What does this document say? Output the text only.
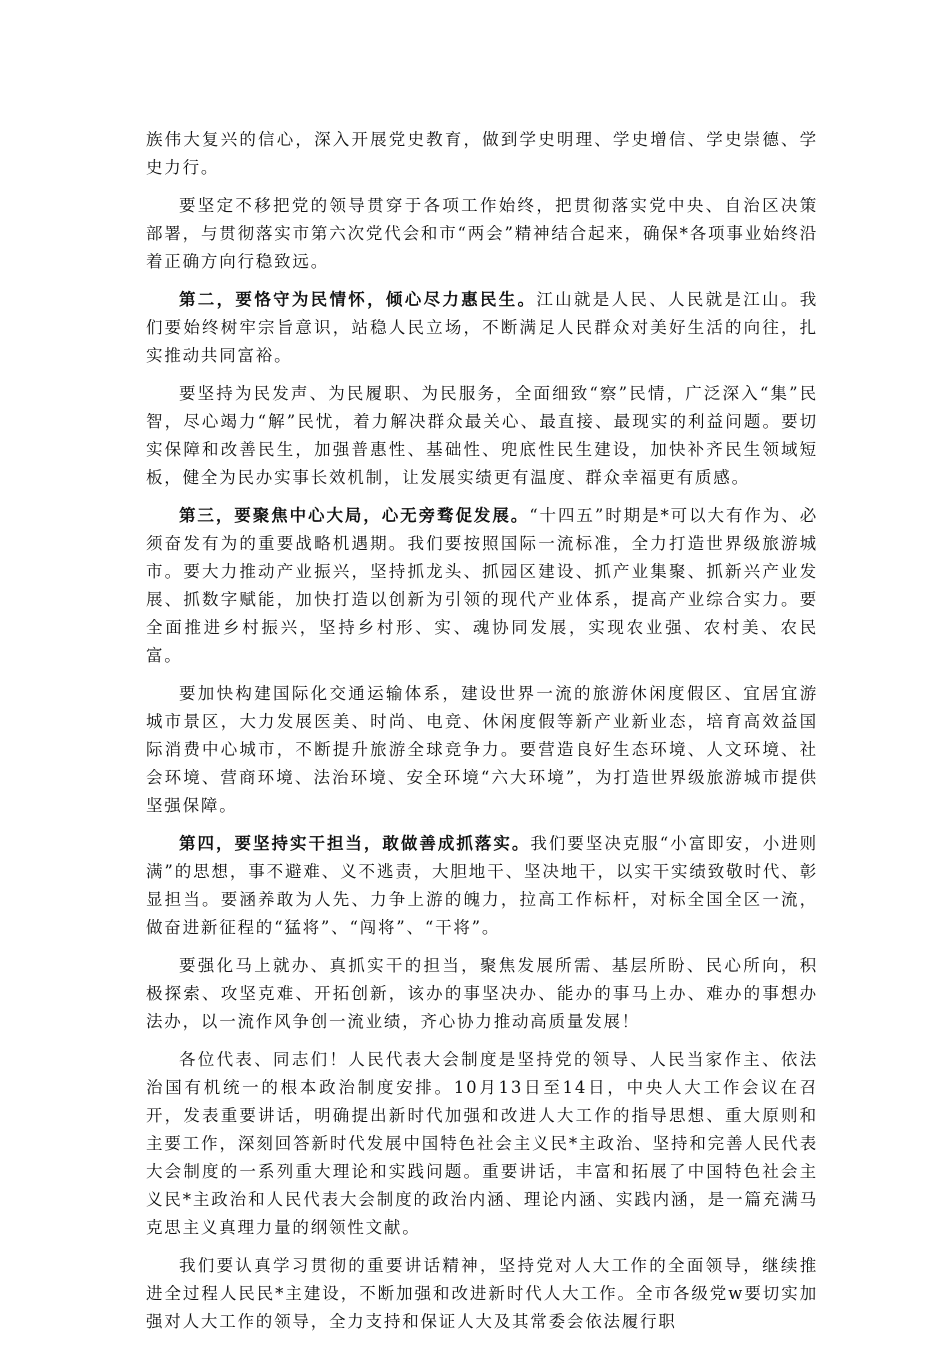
族伟大复兴的信心，深入开展党史教育，做到学史明理、学史增信、学史崇德、学史力行。

要坚定不移把党的领导贯穿于各项工作始终，把贯彻落实党中央、自治区决策部署，与贯彻落实市第六次党代会和市“两会”精神结合起来，确保*各项事业始终沿着正确方向行稳致远。

第二，要恪守为民情怀，倾心尽力惠民生。江山就是人民、人民就是江山。我们要始终树牢宗旨意识，站稳人民立场，不断满足人民群众对美好生活的向往，扎实推动共同富裕。

要坚持为民发声、为民履职、为民服务，全面细致“察”民情，广泛深入“集”民智，尽心竭力“解”民忧，着力解决群众最关心、最直接、最现实的利益问题。要切实保障和改善民生，加强普惠性、基础性、兜底性民生建设，加快补齐民生领域短板，健全为民办实事长效机制，让发展实绩更有温度、群众幸福更有质感。

第三，要聚焦中心大局，心无旁骛促发展。“十四五”时期是*可以大有作为、必须奋发有为的重要战略机遇期。我们要按照国际一流标准，全力打造世界级旅游城市。要大力推动产业振兴，坚持抓龙头、抓园区建设、抓产业集聚、抓新兴产业发展、抓数字赋能，加快打造以创新为引领的现代产业体系，提高产业综合实力。要全面推进乡村振兴，坚持乡村形、实、魂协同发展，实现农业强、农村美、农民富。

要加快构建国际化交通运输体系，建设世界一流的旅游休闲度假区、宜居宜游城市景区，大力发展医美、时尚、电竞、休闲度假等新产业新业态，培育高效益国际消费中心城市，不断提升旅游全球竞争力。要营造良好生态环境、人文环境、社会环境、营商环境、法治环境、安全环境“六大环境”，为打造世界级旅游城市提供坚强保障。

第四，要坚持实干担当，敢做善成抓落实。我们要坚决克服“小富即安，小进则满”的思想，事不避难、义不逃责，大胆地干、坚决地干，以实干实绩致敬时代、彰显担当。要涵养敢为人先、力争上游的魄力，拉高工作标杆，对标全国全区一流，做奋进新征程的“猛将”、“闯将”、“干将”。

要强化马上就办、真抓实干的担当，聚焦发展所需、基层所盼、民心所向，积极探索、攻坚克难、开拓创新，该办的事坚决办、能办的事马上办、难办的事想办法办，以一流作风争创一流业绩，齐心协力推动高质量发展！

各位代表、同志们！人民代表大会制度是坚持党的领导、人民当家作主、依法治国有机统一的根本政治制度安排。10月13日至14日，中央人大工作会议在召开，发表重要讲话，明确提出新时代加强和改进人大工作的指导思想、重大原则和主要工作，深刻回答新时代发展中国特色社会主义民*主政治、坚持和完善人民代表大会制度的一系列重大理论和实践问题。重要讲话，丰富和拓展了中国特色社会主义民*主政治和人民代表大会制度的政治内涵、理论内涵、实践内涵，是一篇充满马克思主义真理力量的纲领性文献。

我们要认真学习贯彻的重要讲话精神，坚持党对人大工作的全面领导，继续推进全过程人民民*主建设，不断加强和改进新时代人大工作。全市各级党w要切实加强对人大工作的领导，全力支持和保证人大及其常委会依法履行职
